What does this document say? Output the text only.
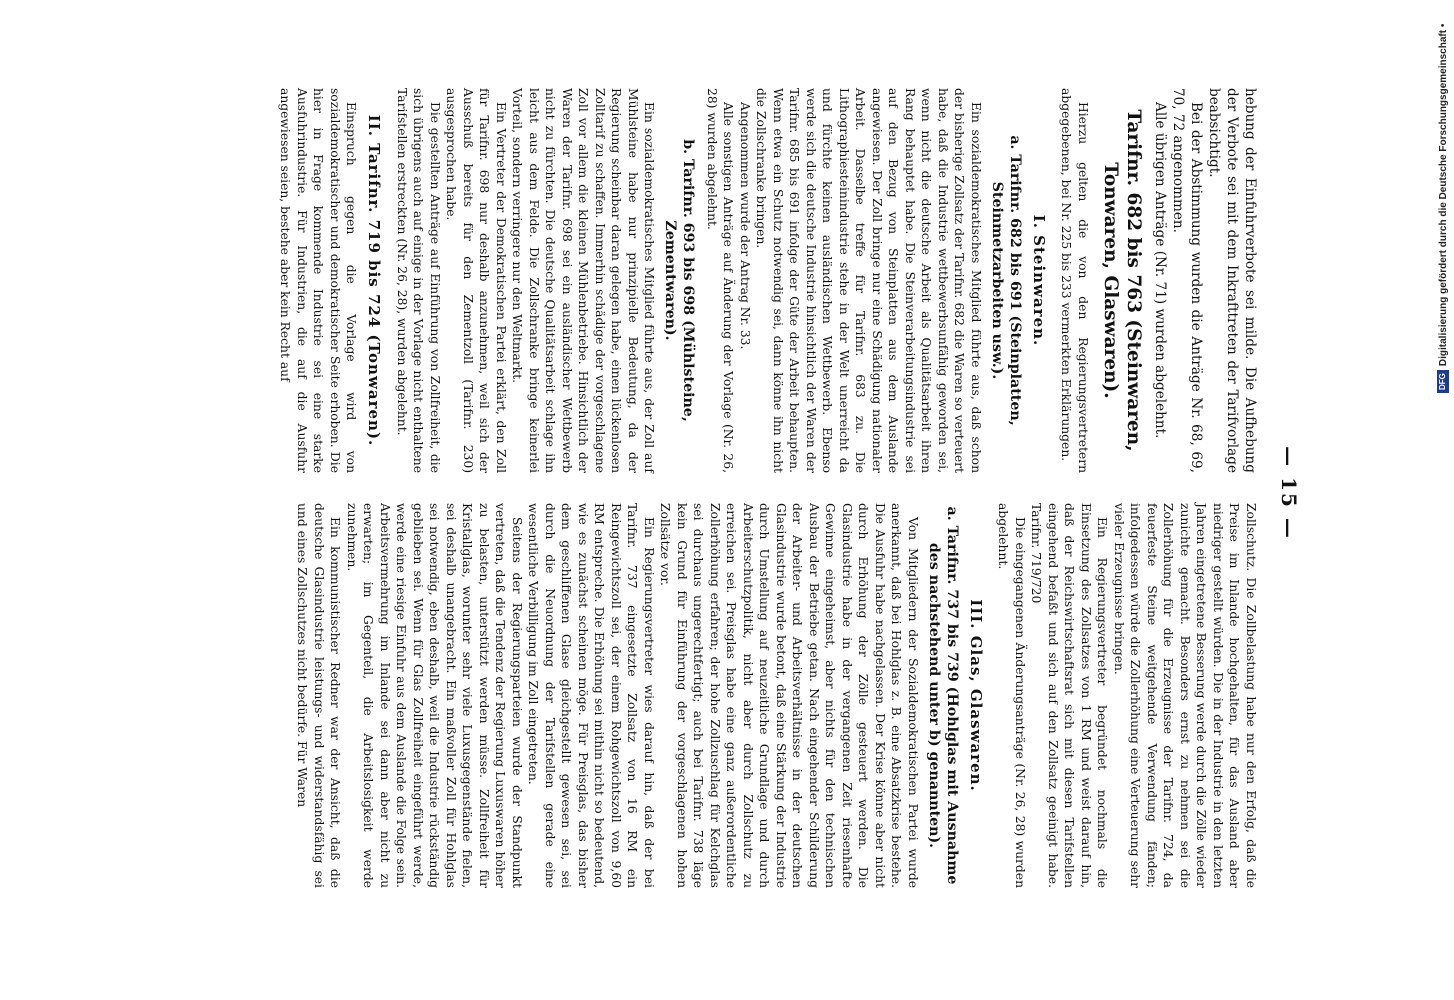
— 15 —

hebung der Einfuhrverbote sei milde. Die Aufhebung der Verbote sei mit dem Inkrafttreten der Tarifvorlage beabsichtigt.

Bei der Abstimmung wurden die Anträge Nr. 68, 69, 70, 72 angenommen.

Alle übrigen Anträge (Nr. 71) wurden abgelehnt.

Tarifnr. 682 bis 763 (Steinwaren, Tonwaren, Glaswaren).

Hierzu gelten die von den Regierungsvertretern abgegebenen, bei Nr. 225 bis 233 vermerkten Erklärungen.

I. Steinwaren.
a. Tarifnr. 682 bis 691 (Steinplatten, Steinmetzarbeiten usw.).

Ein sozialdemokratisches Mitglied führte aus, daß schon der bisherige Zollsatz der Tarifnr. 682 die Waren so verteuert habe, daß die Industrie wettbewerbsunfähig geworden sei, wenn nicht die deutsche Arbeit als Qualitätsarbeit ihren Rang behauptet habe. Die Steinverarbeitungsindustrie sei auf den Bezug von Steinplatten aus dem Auslande angewiesen. Der Zoll bringe nur eine Schädigung nationaler Arbeit. Dasselbe treffe für Tarifnr. 683 zu. Die Lithographiesteinindustrie stehe in der Welt unerreicht da und fürchte keinen ausländischen Wettbewerb. Ebenso werde sich die deutsche Industrie hinsichtlich der Waren der Tarifnr. 685 bis 691 infolge der Güte der Arbeit behaupten. Wenn etwa ein Schutz notwendig sei, dann könne ihn nicht die Zollschranke bringen.

Angenommen wurde der Antrag Nr. 33.

Alle sonstigen Anträge auf Änderung der Vorlage (Nr. 26, 28) wurden abgelehnt.

b. Tarifnr. 693 bis 698 (Mühlsteine, Zementwaren).

Ein sozialdemokratisches Mitglied führte aus, der Zoll auf Mühlsteine habe nur prinzipielle Bedeutung, da der Regierung scheinbar daran gelegen habe, einen lückenlosen Zolltarif zu schaffen. Immerhin schädige der vorgeschlagene Zoll vor allem die kleinen Mühlenbetriebe. Hinsichtlich der Waren der Tarifnr. 698 sei ein ausländischer Wettbewerb nicht zu fürchten. Die deutsche Qualitätsarbeit schlage ihn leicht aus dem Felde. Die Zollschranke bringe keinerlei Vorteil, sondern verringere nur den Weltmarkt.

Ein Vertreter der Demokratischen Partei erklärt, den Zoll für Tarifnr. 698 nur deshalb anzunehmen, weil sich der Ausschuß bereits für den Zementzoll (Tarifnr. 230) ausgesprochen habe.

Die gestellten Anträge auf Einführung von Zollfreiheit, die sich übrigens auch auf einige in der Vorlage nicht enthaltene Tarifstellen erstreckten (Nr. 26, 28), wurden abgelehnt.

II. Tarifnr. 719 bis 724 (Tonwaren).

Einspruch gegen die Vorlage wird von sozialdemokratischer und demokratischer Seite erhoben. Die hier in Frage kommende Industrie sei eine starke Ausfuhrindustrie. Für Industrien, die auf die Ausfuhr angewiesen seien, bestehe aber kein Recht auf

Zollschutz. Die Zollbelastung habe nur den Erfolg, daß die Preise im Inlande hochgehalten, für das Ausland aber niedriger gestellt würden. Die in der Industrie in den letzten Jahren eingetretene Besserung werde durch die Zölle wieder zunichte gemacht. Besonders ernst zu nehmen sei die Zollerhöhung für die Erzeugnisse der Tarifnr. 724, da feuerfeste Steine weitgehende Verwendung fänden; infolgedessen würde die Zollerhöhung eine Verteuerung sehr vieler Erzeugnisse bringen.

Ein Regierungsvertreter begründet nochmals die Einsetzung des Zollsatzes von 1 RM und weist darauf hin, daß der Reichswirtschaftsrat sich mit diesen Tarifstellen eingehend befaßt und sich auf den Zollsatz geeinigt habe. Tarifnr. 719/720

Die eingegangenen Änderungsanträge (Nr. 26, 28) wurden abgelehnt.

III. Glas, Glaswaren.
a. Tarifnr. 737 bis 739 (Hohlglas mit Ausnahme des nachstehend unter b) genannten).

Von Mitgliedern der Sozialdemokratischen Partei wurde anerkannt, daß bei Hohlglas z. B. eine Absatzkrise bestehe. Die Ausfuhr habe nachgelassen. Der Krise könne aber nicht durch Erhöhung der Zölle gesteuert werden. Die Glasindustrie habe in der vergangenen Zeit riesenhafte Gewinne eingeheimst, aber nichts für den technischen Ausbau der Betriebe getan. Nach eingehender Schilderung der Arbeiter- und Arbeitsverhältnisse in der deutschen Glasindustrie wurde betont, daß eine Stärkung der Industrie durch Umstellung auf neuzeitliche Grundlage und durch Arbeiterschutzpolitik, nicht aber durch Zollschutz zu erreichen sei. Preisglas habe eine ganz außerordentliche Zollerhöhung erfahren; der hohe Zollzuschlag für Kelchglas sei durchaus ungerechtfertigt; auch bei Tarifnr. 738 läge kein Grund für Einführung der vorgeschlagenen hohen Zollsätze vor.

Ein Regierungsvertreter wies darauf hin, daß der bei Tarifnr. 737 eingesetzte Zollsatz von 16 RM ein Reingewichtszoll sei, der einem Rohgewichtszoll von 9,60 RM entspreche. Die Erhöhung sei mithin nicht so bedeutend, wie es zunächst scheinen möge. Für Preisglas, das bisher dem geschliffenen Glase gleichgestellt gewesen sei, sei durch die Neuordnung der Tarifstellen gerade eine wesentliche Verbilligung im Zoll eingetreten.

Seitens der Regierungsparteien wurde der Standpunkt vertreten, daß die Tendenz der Regierung Luxuswaren höher zu belasten, unterstützt werden müsse. Zollfreiheit für Kristallglas, worunter sehr viele Luxusgegenstände fielen, sei deshalb unangebracht. Ein maßvoller Zoll für Hohlglas sei notwendig, eben deshalb, weil die Industrie rückständig geblieben sei. Wenn für Glas Zollfreiheit eingeführt werde, werde eine riesige Einfuhr aus dem Auslande die Folge sein. Arbeitsvermehrung im Inlande sei dann aber nicht zu erwarten; im Gegenteil, die Arbeitslosigkeit werde zunehmen.

Ein kommunistischer Redner war der Ansicht, daß die deutsche Glasindustrie leistungs- und widerstandsfähig sei und eines Zollschutzes nicht bedürfe. Für Waren

DFGDigitalisierung gefördert durch die Deutsche Forschungsgemeinschaft •
